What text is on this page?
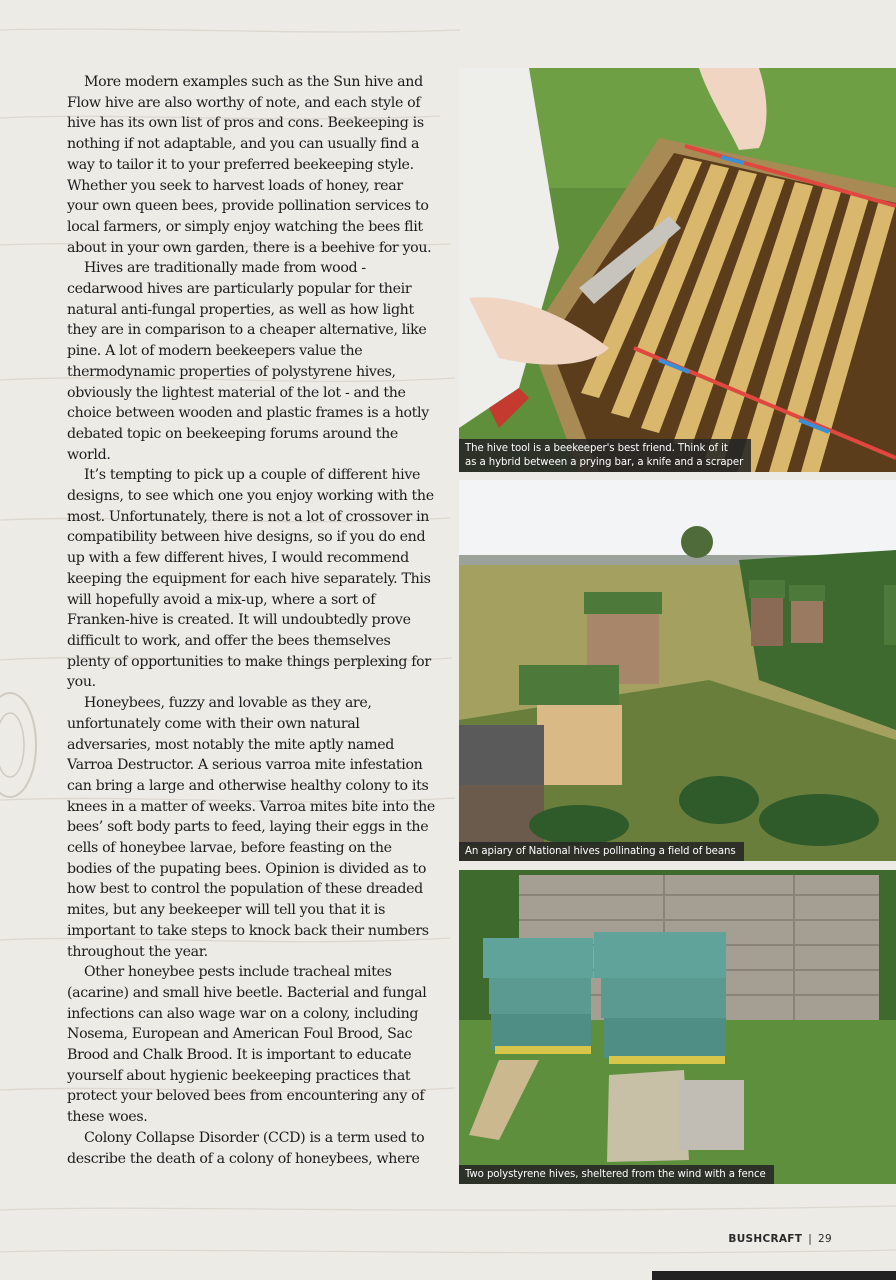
More modern examples such as the Sun hive and Flow hive are also worthy of note, and each style of hive has its own list of pros and cons. Beekeeping is nothing if not adaptable, and you can usually find a way to tailor it to your preferred beekeeping style. Whether you seek to harvest loads of honey, rear your own queen bees, provide pollination services to local farmers, or simply enjoy watching the bees flit about in your own garden, there is a beehive for you.

Hives are traditionally made from wood - cedarwood hives are particularly popular for their natural anti-fungal properties, as well as how light they are in comparison to a cheaper alternative, like pine. A lot of modern beekeepers value the thermodynamic properties of polystyrene hives, obviously the lightest material of the lot - and the choice between wooden and plastic frames is a hotly debated topic on beekeeping forums around the world.

It’s tempting to pick up a couple of different hive designs, to see which one you enjoy working with the most. Unfortunately, there is not a lot of crossover in compatibility between hive designs, so if you do end up with a few different hives, I would recommend keeping the equipment for each hive separately. This will hopefully avoid a mix-up, where a sort of Franken-hive is created. It will undoubtedly prove difficult to work, and offer the bees themselves plenty of opportunities to make things perplexing for you.

Honeybees, fuzzy and lovable as they are, unfortunately come with their own natural adversaries, most notably the mite aptly named Varroa Destructor. A serious varroa mite infestation can bring a large and otherwise healthy colony to its knees in a matter of weeks. Varroa mites bite into the bees’ soft body parts to feed, laying their eggs in the cells of honeybee larvae, before feasting on the bodies of the pupating bees. Opinion is divided as to how best to control the population of these dreaded mites, but any beekeeper will tell you that it is important to take steps to knock back their numbers throughout the year.

Other honeybee pests include tracheal mites (acarine) and small hive beetle. Bacterial and fungal infections can also wage war on a colony, including Nosema, European and American Foul Brood, Sac Brood and Chalk Brood. It is important to educate yourself about hygienic beekeeping practices that protect your beloved bees from encountering any of these woes.

Colony Collapse Disorder (CCD) is a term used to describe the death of a colony of honeybees, where

The hive tool is a beekeeper's best friend. Think of it
as a hybrid between a prying bar, a knife and a scraper
An apiary of National hives pollinating a field of beans
Two polystyrene hives, sheltered from the wind with a fence
BUSHCRAFT | 29
